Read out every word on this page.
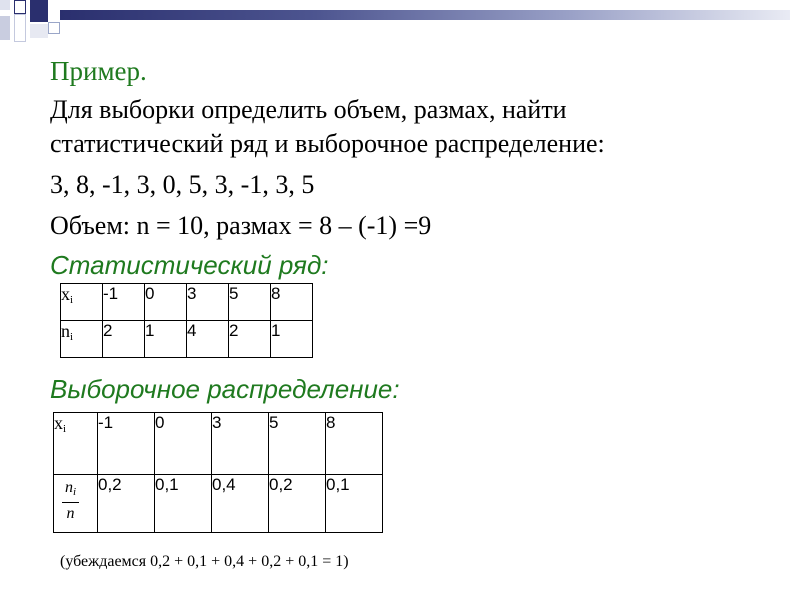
Пример.
Для выборки определить объем, размах, найти
статистический ряд и выборочное распределение:
3, 8, -1, 3, 0, 5, 3, -1, 3, 5
Объем: n = 10, размах = 8 – (-1) =9
Статистический ряд:
$x_i$	-1	0	3	5	8
$n_i$	2	1	4	2	1
Выборочное распределение:
$x_i$	-1	0	3	5	8

$\frac{n_i}{n}$	0,2	0,1	0,4	0,2	0,1
(убеждаемся 0,2 + 0,1 + 0,4 + 0,2 + 0,1 = 1)
